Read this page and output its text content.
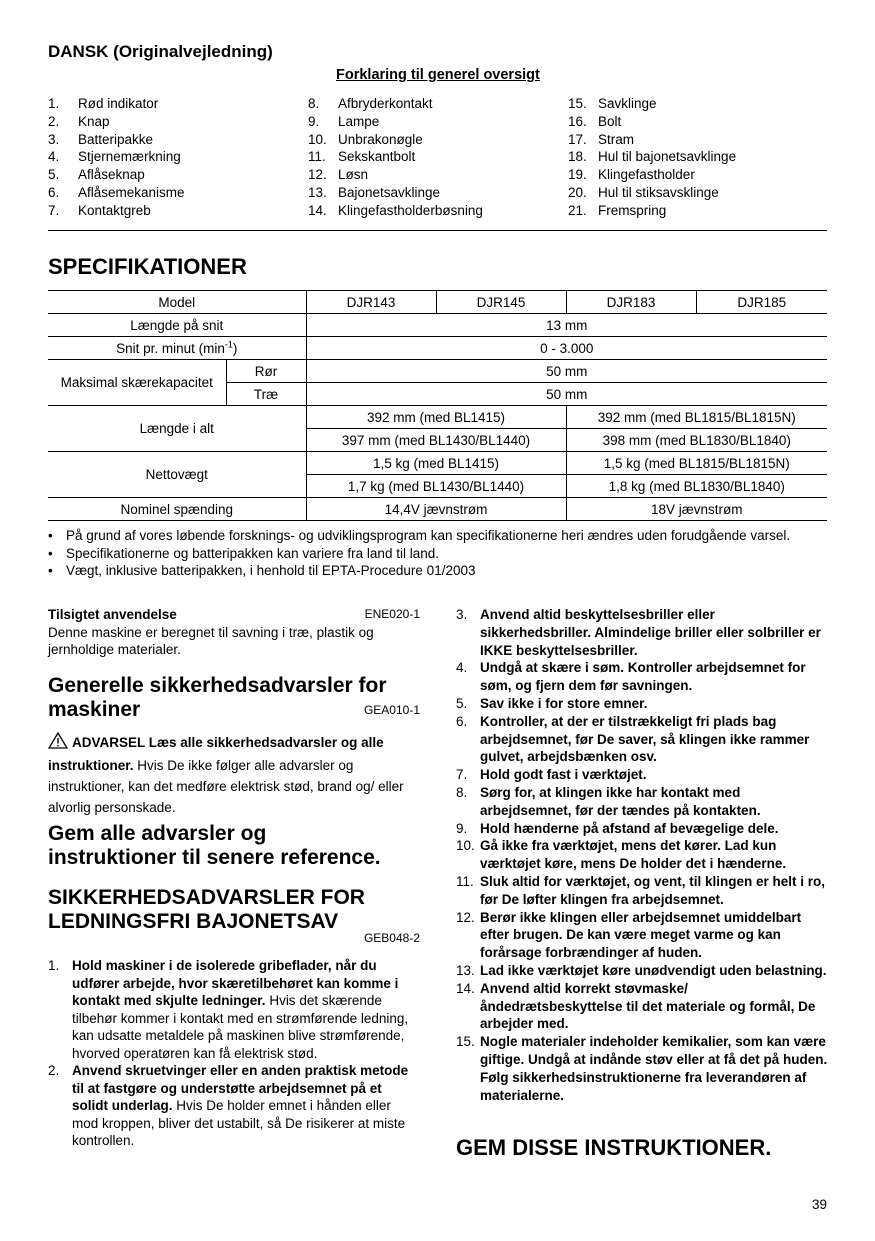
DANSK (Originalvejledning)
Forklaring til generel oversigt
1.	Rød indikator
2.	Knap
3.	Batteripakke
4.	Stjernemærkning
5.	Aflåseknap
6.	Aflåsemekanisme
7.	Kontaktgreb
8.	Afbryderkontakt
9.	Lampe
10. Unbrakonøgle
11. Sekskantbolt
12. Løsn
13. Bajonetsavklinge
14. Klingefastholderbøsning
15. Savklinge
16. Bolt
17. Stram
18. Hul til bajonetsavklinge
19. Klingefastholder
20. Hul til stiksavsklinge
21. Fremspring
SPECIFIKATIONER
Model		DJR143	DJR145	DJR183	DJR185
Længde på snit		13 mm			
Snit pr. minut $(\min^{-1})$		0 - 3.000			
Maksimal skærekapacitet	Rør	50 mm			
	Træ	50 mm			
Længde i alt		392 mm (med BL1415)		392 mm (med BL1815/BL1815N)	
		397 mm (med BL1430/BL1440)		398 mm (med BL1830/BL1840)	
Nettovægt		1,5 kg (med BL1415)		1,5 kg (med BL1815/BL1815N)	
		1,7 kg (med BL1430/BL1440)		1,8 kg (med BL1830/BL1840)	
Nominel spænding		14,4V jævnstrøm		18V jævnstrøm	
• På grund af vores løbende forsknings- og udviklingsprogram kan specifikationerne heri ændres uden forudgående varsel.
• Specifikationerne og batteripakken kan variere fra land til land.
• Vægt, inklusive batteripakken, i henhold til EPTA-Procedure 01/2003
Tilsigtet anvendelse	ENE020-1
Denne maskine er beregnet til savning i træ, plastik og jernholdige materialer.
Generelle sikkerhedsadvarsler for
maskiner	GEA010-1
ADVARSEL Læs alle sikkerhedsadvarsler og alle instruktioner. Hvis De ikke følger alle advarsler og instruktioner, kan det medføre elektrisk stød, brand og/ eller alvorlig personskade.
Gem alle advarsler og
instruktioner til senere reference.
SIKKERHEDSADVARSLER FOR
LEDNINGSFRI BAJONETSAV
GEB048-2
1. Hold maskiner i de isolerede gribeflader, når du udfører arbejde, hvor skæretilbehøret kan komme i kontakt med skjulte ledninger. Hvis det skærende tilbehør kommer i kontakt med en strømførende ledning, kan udsatte metaldele på maskinen blive strømførende, hvorved operatøren kan få elektrisk stød.
2. Anvend skruetvinger eller en anden praktisk metode til at fastgøre og understøtte arbejdsemnet på et solidt underlag. Hvis De holder emnet i hånden eller mod kroppen, bliver det ustabilt, så De risikerer at miste kontrollen.
3. Anvend altid beskyttelsesbriller eller sikkerhedsbriller. Almindelige briller eller solbriller er IKKE beskyttelsesbriller.
4. Undgå at skære i søm. Kontroller arbejdsemnet for søm, og fjern dem før savningen.
5. Sav ikke i for store emner.
6. Kontroller, at der er tilstrækkeligt fri plads bag arbejdsemnet, før De saver, så klingen ikke rammer gulvet, arbejdsbænken osv.
7. Hold godt fast i værktøjet.
8. Sørg for, at klingen ikke har kontakt med arbejdsemnet, før der tændes på kontakten.
9. Hold hænderne på afstand af bevægelige dele.
10. Gå ikke fra værktøjet, mens det kører. Lad kun værktøjet køre, mens De holder det i hænderne.
11. Sluk altid for værktøjet, og vent, til klingen er helt i ro, før De løfter klingen fra arbejdsemnet.
12. Berør ikke klingen eller arbejdsemnet umiddelbart efter brugen. De kan være meget varme og kan forårsage forbrændinger af huden.
13. Lad ikke værktøjet køre unødvendigt uden belastning.
14. Anvend altid korrekt støvmaske/ åndedrætsbeskyttelse til det materiale og formål, De arbejder med.
15. Nogle materialer indeholder kemikalier, som kan være giftige. Undgå at indånde støv eller at få det på huden. Følg sikkerhedsinstruktionerne fra leverandøren af materialerne.
GEM DISSE INSTRUKTIONER.
39
